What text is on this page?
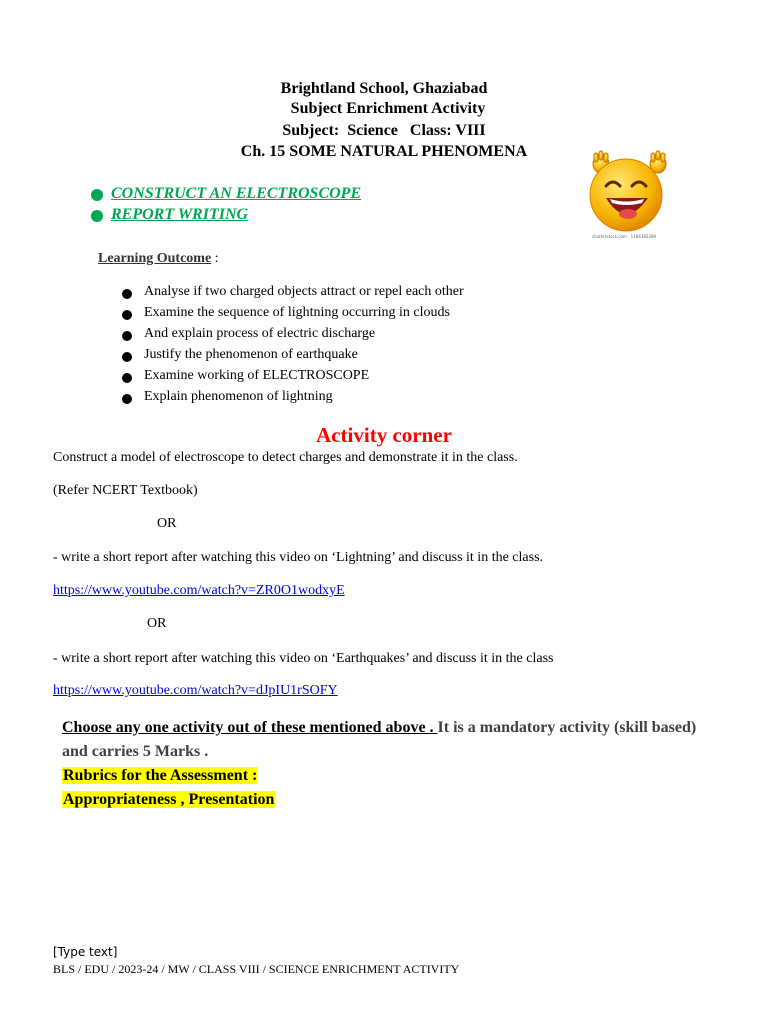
Brightland School, Ghaziabad
Subject Enrichment Activity
Subject:  Science   Class: VIII
Ch. 15 SOME NATURAL PHENOMENA
shutterstock.com · 1184385289
CONSTRUCT AN ELECTROSCOPE
REPORT WRITING
Learning Outcome :
Analyse if two charged objects attract or repel each other
Examine the sequence of lightning occurring in clouds
And explain process of electric discharge
Justify the phenomenon of earthquake
Examine working of ELECTROSCOPE
Explain phenomenon of lightning
Activity corner
Construct a model of electroscope to detect charges and demonstrate it in the class.
(Refer NCERT Textbook)
OR
- write a short report after watching this video on ‘Lightning’ and discuss it in the class.
https://www.youtube.com/watch?v=ZR0O1wodxyE
OR
- write a short report after watching this video on ‘Earthquakes’ and discuss it in the class
https://www.youtube.com/watch?v=dJpIU1rSOFY
Choose any one activity out of these mentioned above . It is a mandatory activity (skill based) and carries 5 Marks .
Rubrics for the Assessment :
Appropriateness , Presentation
[Type text]
BLS / EDU / 2023-24 / MW / CLASS VIII / SCIENCE ENRICHMENT ACTIVITY
